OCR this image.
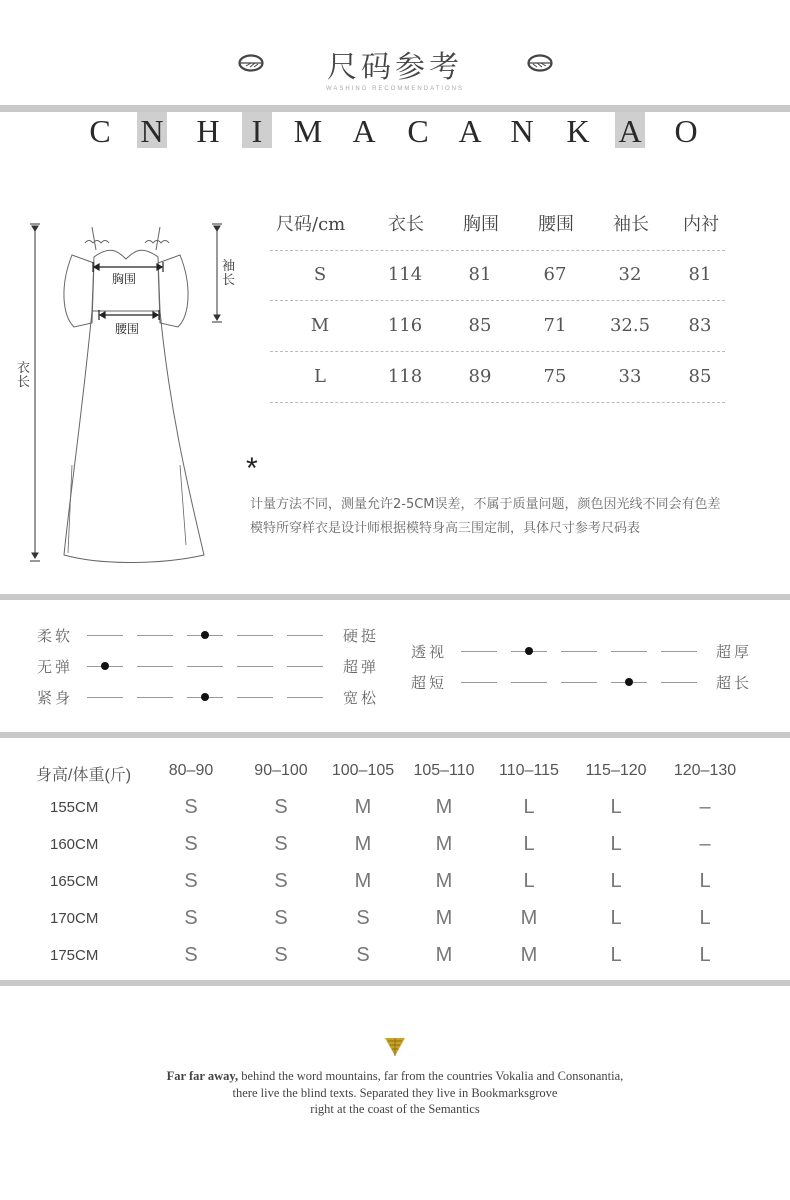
尺码参考
WASHING RECOMMENDATIONS
C N H	I M A C A N K A O
胸围
腰围
袖长
衣长
尺码/cm	衣长	胸围	腰围	袖长	内衬
S	114	81	67	32	81
M	116	85	71	32.5	83
L	118	89	75	33	85
*
计量方法不同，测量允许2-5CM误差，不属于质量问题，颜色因光线不同会有色差
模特所穿样衣是设计师根据模特身高三围定制，具体尺寸参考尺码表
柔软	硬挺
无弹	超弹
紧身	宽松
透视	超厚
超短	超长
身高/体重(斤)	80–90	90–100	100–105	105–110	110–115	115–120	120–130
155CM	S	S	M	M	L	L	–
160CM	S	S	M	M	L	L	–
165CM	S	S	M	M	L	L	L
170CM	S	S	S	M	M	L	L
175CM	S	S	S	M	M	L	L
Far far away, behind the word mountains, far from the countries Vokalia and Consonantia,
there live the blind texts. Separated they live in Bookmarksgrove
right at the coast of the Semantics
